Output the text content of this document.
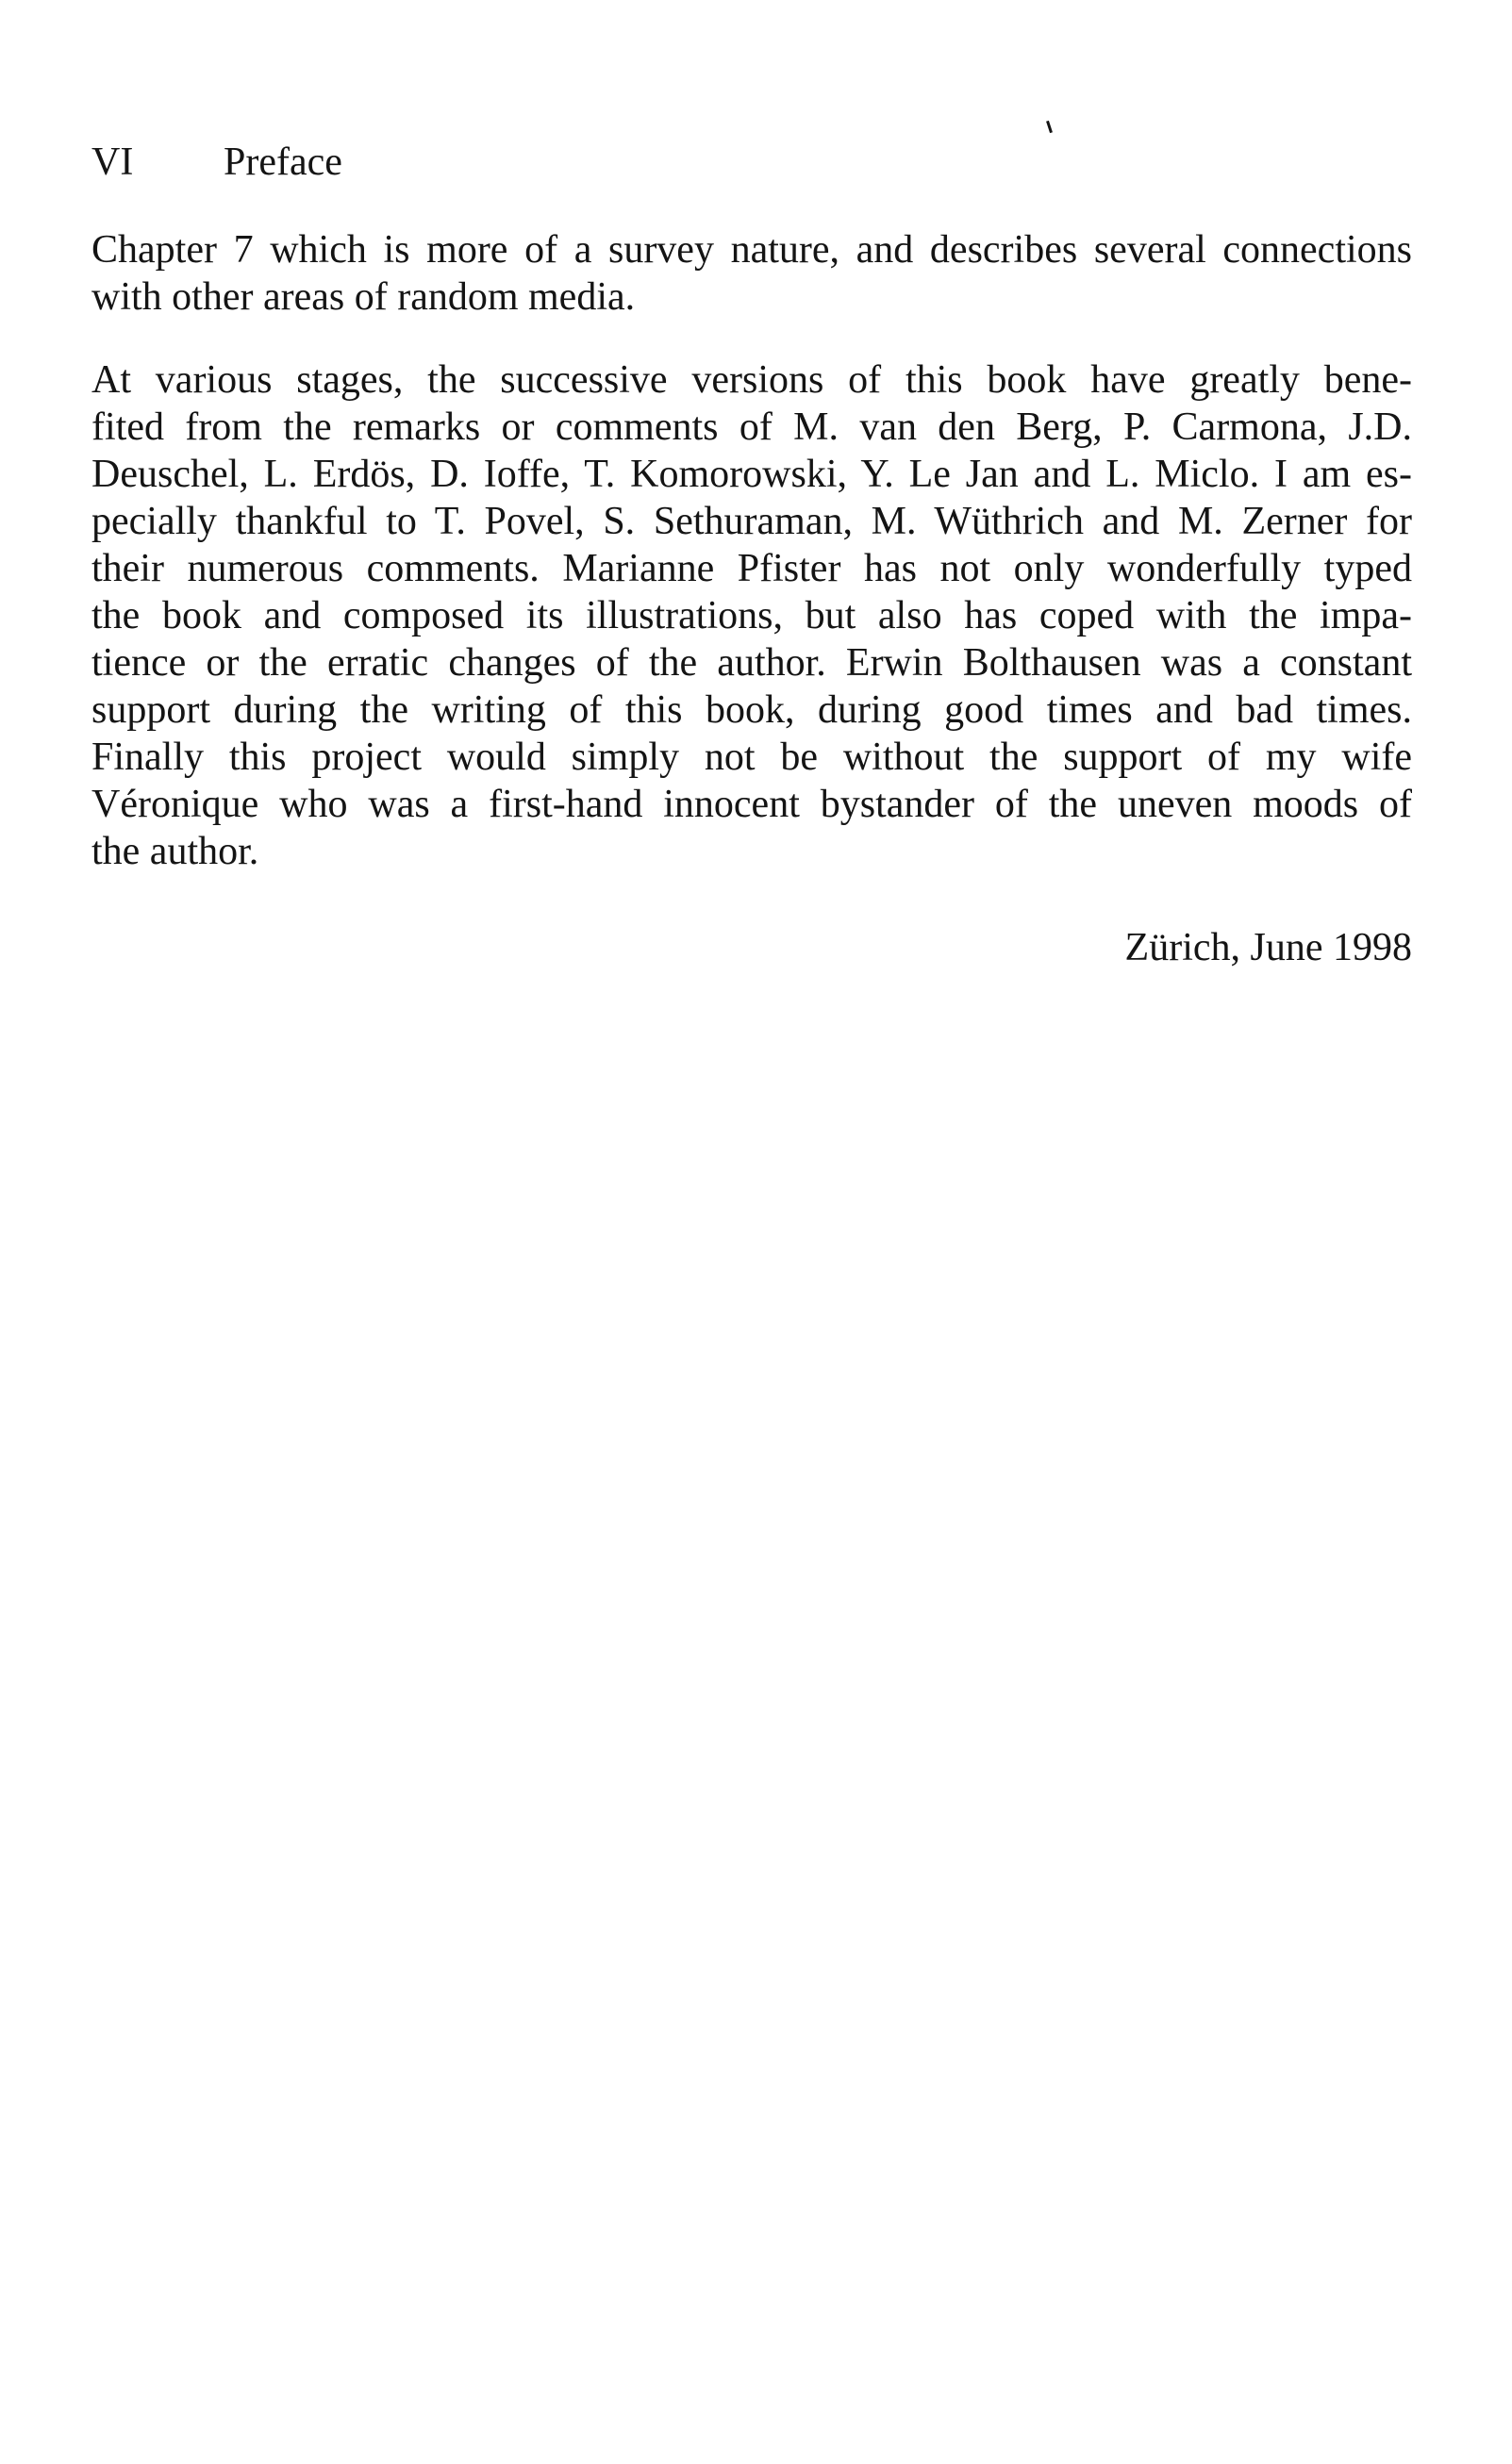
VI Preface
Chapter 7 which is more of a survey nature, and describes several connections
with other areas of random media.
At various stages, the successive versions of this book have greatly bene-
fited from the remarks or comments of M. van den Berg, P. Carmona, J.D.
Deuschel, L. Erdös, D. Ioffe, T. Komorowski, Y. Le Jan and L. Miclo. I am es-
pecially thankful to T. Povel, S. Sethuraman, M. Wüthrich and M. Zerner for
their numerous comments. Marianne Pfister has not only wonderfully typed
the book and composed its illustrations, but also has coped with the impa-
tience or the erratic changes of the author. Erwin Bolthausen was a constant
support during the writing of this book, during good times and bad times.
Finally this project would simply not be without the support of my wife
Véronique who was a first-hand innocent bystander of the uneven moods of
the author.
Zürich, June 1998
